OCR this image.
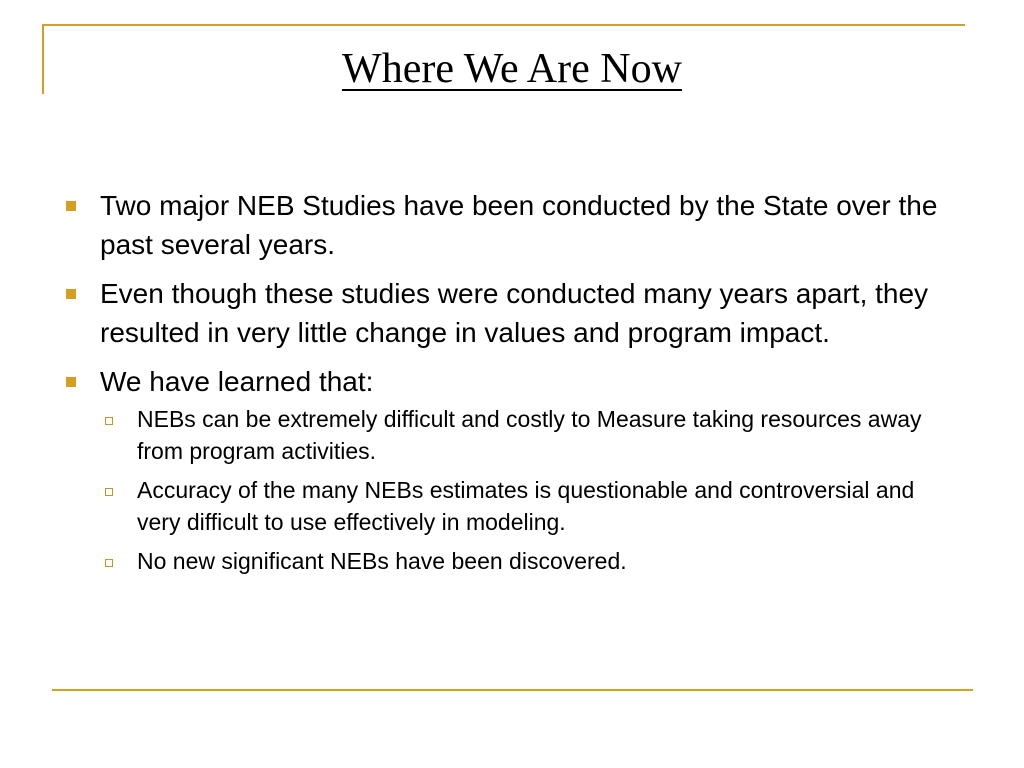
Where We Are Now
Two major NEB Studies have been conducted by the State over the past several years.
Even though these studies were conducted many years apart, they resulted in very little change in values and program impact.
We have learned that:
NEBs can be extremely difficult and costly to Measure taking resources away from program activities.
Accuracy of the many NEBs estimates is questionable and controversial and very difficult to use effectively in modeling.
No new significant NEBs have been discovered.
